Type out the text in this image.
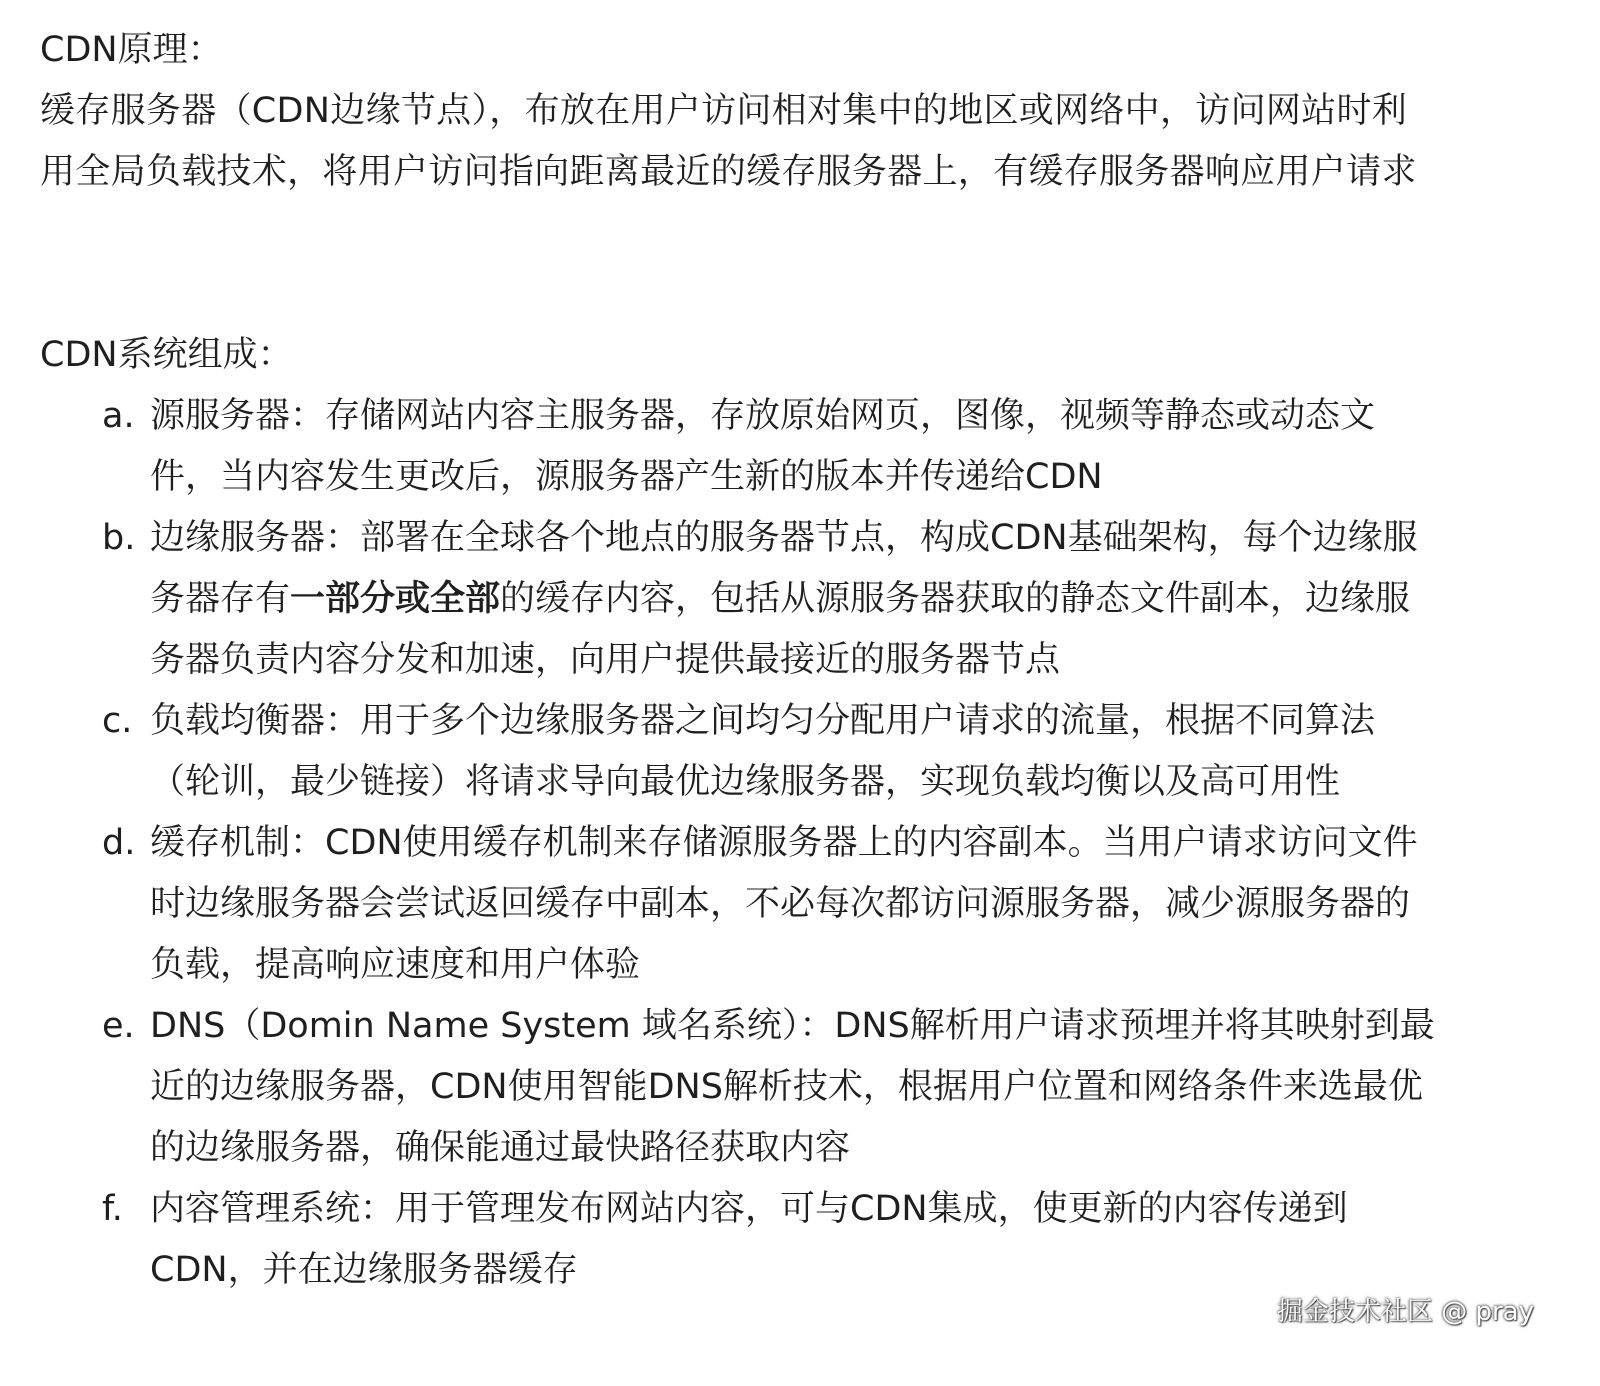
CDN原理：
缓存服务器（CDN边缘节点），布放在用户访问相对集中的地区或网络中，访问网站时利
用全局负载技术，将用户访问指向距离最近的缓存服务器上，有缓存服务器响应用户请求
CDN系统组成：
a. 源服务器：存储网站内容主服务器，存放原始网页，图像，视频等静态或动态文
件，当内容发生更改后，源服务器产生新的版本并传递给CDN
b. 边缘服务器：部署在全球各个地点的服务器节点，构成CDN基础架构，每个边缘服
务器存有一部分或全部的缓存内容，包括从源服务器获取的静态文件副本，边缘服
务器负责内容分发和加速，向用户提供最接近的服务器节点
c. 负载均衡器：用于多个边缘服务器之间均匀分配用户请求的流量，根据不同算法
（轮训，最少链接）将请求导向最优边缘服务器，实现负载均衡以及高可用性
d. 缓存机制：CDN使用缓存机制来存储源服务器上的内容副本。当用户请求访问文件
时边缘服务器会尝试返回缓存中副本，不必每次都访问源服务器，减少源服务器的
负载，提高响应速度和用户体验
e. DNS（Domin Name System 域名系统）：DNS解析用户请求预埋并将其映射到最
近的边缘服务器，CDN使用智能DNS解析技术，根据用户位置和网络条件来选最优
的边缘服务器，确保能通过最快路径获取内容
f. 内容管理系统：用于管理发布网站内容，可与CDN集成，使更新的内容传递到
CDN，并在边缘服务器缓存
掘金技术社区 @ pray
